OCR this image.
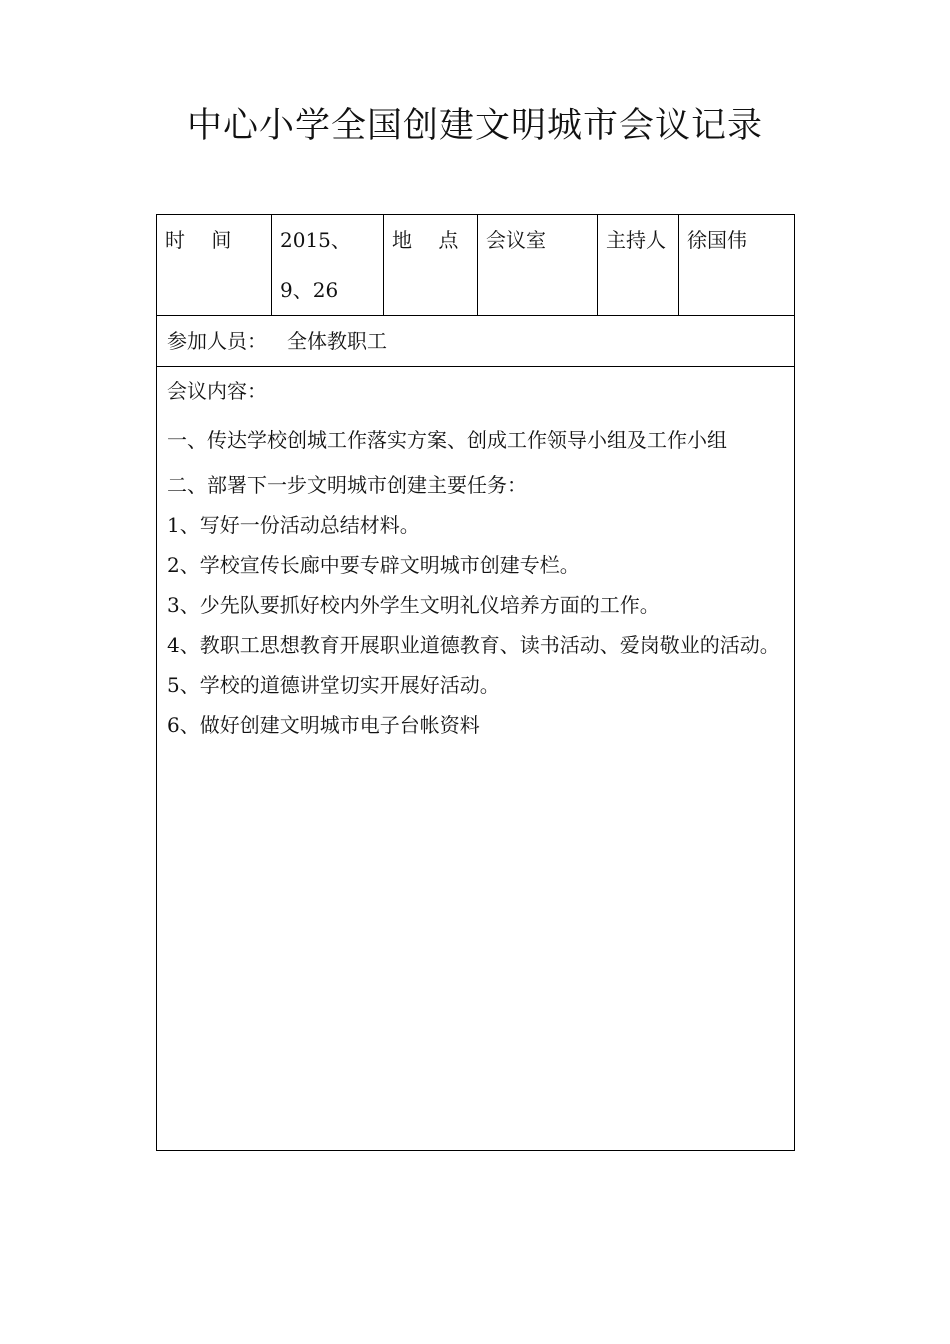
中心小学全国创建文明城市会议记录
时　 间	2015、9、26	地　 点	会议室	主持人	徐国伟
参加人员： 全体教职工

会议内容：
一、传达学校创城工作落实方案、创成工作领导小组及工作小组
二、部署下一步文明城市创建主要任务：
1、写好一份活动总结材料。
2、学校宣传长廊中要专辟文明城市创建专栏。
3、少先队要抓好校内外学生文明礼仪培养方面的工作。
4、教职工思想教育开展职业道德教育、读书活动、爱岗敬业的活动。
5、学校的道德讲堂切实开展好活动。
6、做好创建文明城市电子台帐资料
